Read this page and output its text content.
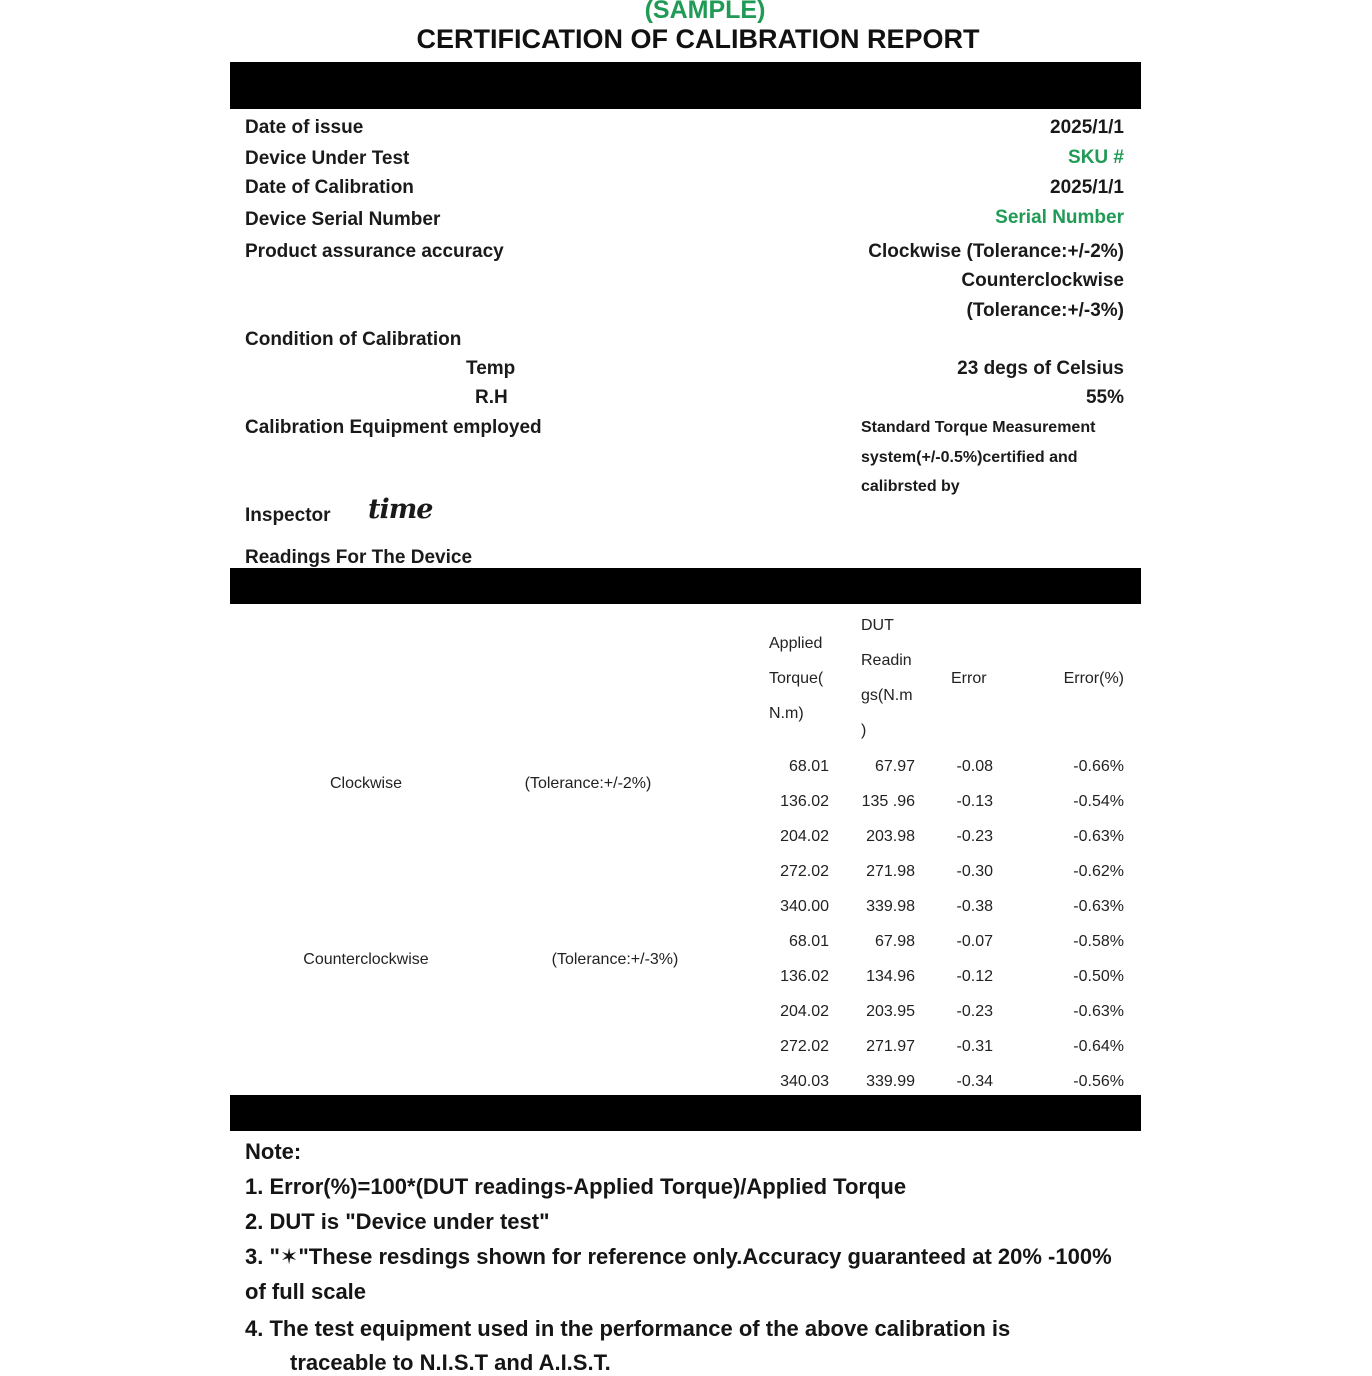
(SAMPLE)
CERTIFICATION OF CALIBRATION REPORT
Date of issue	2025/1/1
Device Under Test	SKU #
Date of Calibration	2025/1/1
Device Serial Number	Serial Number
Product assurance accuracy	Clockwise (Tolerance:+/-2%)
Counterclockwise
(Tolerance:+/-3%)
Condition of Calibration
Temp	23 degs of Celsius
R.H	55%
Calibration Equipment employed	Standard Torque Measurement
system(+/-0.5%)certified and
calibrsted by
Inspector time
Readings For The Device
Applied
Torque(
N.m)
DUT
Readin
gs(N.m
)
Error	Error(%)
Clockwise	(Tolerance:+/-2%)
Counterclockwise	(Tolerance:+/-3%)
68.01	67.97	-0.08	-0.66%
136.02 135 .96	-0.13	-0.54%
204.02 203.98	-0.23	-0.63%
272.02 271.98	-0.30	-0.62%
340.00 339.98	-0.38	-0.63%
68.01	67.98	-0.07	-0.58%
136.02 134.96	-0.12	-0.50%
204.02 203.95	-0.23	-0.63%
272.02 271.97	-0.31	-0.64%
340.03 339.99	-0.34	-0.56%
Note:
1. Error(%)=100*(DUT readings-Applied Torque)/Applied Torque
2. DUT is "Device under test"
3. "✶"These resdings shown for reference only.Accuracy guaranteed at 20% -100%
of full scale
4. The test equipment used in the performance of the above calibration is
traceable to N.I.S.T and A.I.S.T.
